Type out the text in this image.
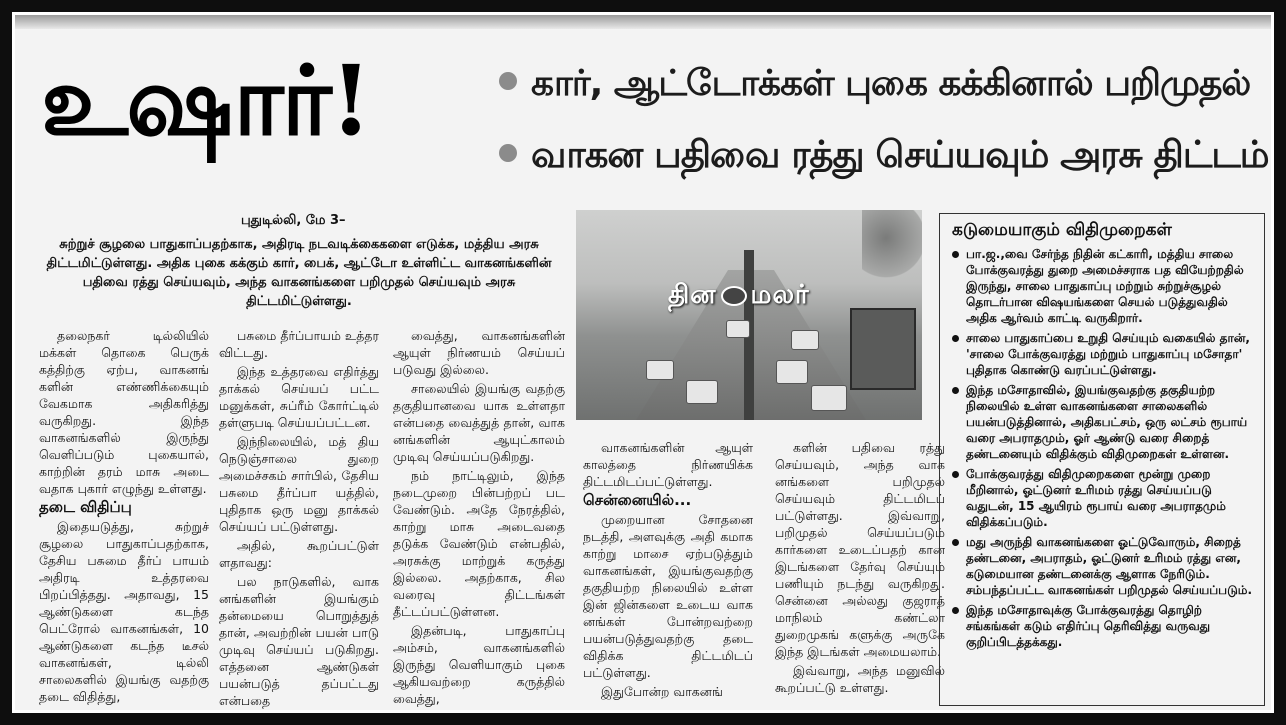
உஷார்!	கார், ஆட்டோக்கள் புகை கக்கினால் பறிமுதல்
வாகன பதிவை ரத்து செய்யவும் அரசு திட்டம்
புதுடில்லி, மே 3–
சுற்றுச் சூழலை பாதுகாப்பதற்காக, அதிரடி நடவடிக்கைகளை எடுக்க, மத்திய அரசு திட்டமிட்டுள்ளது. அதிக புகை கக்கும் கார், பைக், ஆட்டோ உள்ளிட்ட வாகனங்களின் பதிவை ரத்து செய்யவும், அந்த வாகனங்களை பறிமுதல் செய்யவும் அரசு திட்டமிட்டுள்ளது.

தலைநகர் டில்லியில் மக்கள் தொகை பெருக் கத்திற்கு ஏற்ப, வாகனங் களின் எண்ணிக்கையும் வேகமாக அதிகரித்து வருகிறது. இந்த வாகனங்களில் இருந்து வெளிப்படும் புகையால், காற்றின் தரம் மாசு அடை வதாக புகார் எழுந்து உள்ளது.

தடை விதிப்பு

இதையடுத்து, சுற்றுச் சூழலை பாதுகாப்பதற்காக, தேசிய பசுமை தீர்ப் பாயம் அதிரடி உத்தரவை பிறப்பித்தது. அதாவது, 15 ஆண்டுகளை கடந்த பெட்ரோல் வாகனங்கள், 10 ஆண்டுகளை கடந்த டீசல் வாகனங்கள், டில்லி சாலைகளில் இயங்கு வதற்கு தடை விதித்து,

பசுமை தீர்ப்பாயம் உத்தர விட்டது.

இந்த உத்தரவை எதிர்த்து தாக்கல் செய்யப் பட்ட மனுக்கள், சுப்ரீம் கோர்ட்டில் தள்ளுபடி செய்யப்பட்டன.

இந்நிலையில், மத் திய நெடுஞ்சாலை துறை அமைச்சகம் சார்பில், தேசிய பசுமை தீர்ப்பா யத்தில், புதிதாக ஒரு மனு தாக்கல் செய்யப் பட்டுள்ளது.

அதில், கூறப்பட்டுள் ளதாவது:

பல நாடுகளில், வாக னங்களின் இயங்கும் தன்மையை பொறுத்துத் தான், அவற்றின் பயன் பாடு முடிவு செய்யப் படுகிறது. எத்தனை ஆண்டுகள் பயன்படுத் தப்பட்டது என்பதை

வைத்து, வாகனங்களின் ஆயுள் நிர்ணயம் செய்யப் படுவது இல்லை.

சாலையில் இயங்கு வதற்கு தகுதியானவை யாக உள்ளதா என்பதை வைத்துத் தான், வாக னங்களின் ஆயுட்காலம் முடிவு செய்யப்படுகிறது.

நம் நாட்டிலும், இந்த நடைமுறை பின்பற்றப் பட வேண்டும். அதே நேரத்தில், காற்று மாசு அடைவதை தடுக்க வேண்டும் என்பதில், அரசுக்கு மாற்றுக் கருத்து இல்லை. அதற்காக, சில வரைவு திட்டங்கள் தீட்டப்பட்டுள்ளன.

இதன்படி, பாதுகாப்பு அம்சம், வாகனங்களில் இருந்து வெளியாகும் புகை ஆகியவற்றை கருத்தில் வைத்து,

தின மலர்

வாகனங்களின் ஆயுள் காலத்தை நிர்ணயிக்க திட்டமிடப்பட்டுள்ளது.

சென்னையில்...

முறையான சோதனை நடத்தி, அளவுக்கு அதி கமாக காற்று மாசை ஏற்படுத்தும் வாகனங்கள், இயங்குவதற்கு தகுதியற்ற நிலையில் உள்ள இன் ஜின்களை உடைய வாக னங்கள் போன்றவற்றை பயன்படுத்துவதற்கு தடை விதிக்க திட்டமிடப் பட்டுள்ளது.

இதுபோன்ற வாகனங்

களின் பதிவை ரத்து செய்யவும், அந்த வாக னங்களை பறிமுதல் செய்யவும் திட்டமிடப் பட்டுள்ளது. இவ்வாறு, பறிமுதல் செய்யப்படும் கார்களை உடைப்பதற் கான இடங்களை தேர்வு செய்யும் பணியும் நடந்து வருகிறது. சென்னை அல்லது குஜராத் மாநிலம் கண்ட்லா துறைமுகங் களுக்கு அருகே இந்த இடங்கள் அமையலாம்.

இவ்வாறு, அந்த மனுவில் கூறப்பட்டு உள்ளது.

கடுமையாகும் விதிமுறைகள்
பா.ஜ.,வை சேர்ந்த நிதின் கட்காரி, மத்திய சாலை போக்குவரத்து துறை அமைச்சராக பத வியேற்றதில் இருந்து, சாலை பாதுகாப்பு மற்றும் சுற்றுச்சூழல் தொடர்பான விஷயங்களை செயல் படுத்துவதில் அதிக ஆர்வம் காட்டி வருகிறார்.
சாலை பாதுகாப்பை உறுதி செய்யும் வகையில் தான், 'சாலை போக்குவரத்து மற்றும் பாதுகாப்பு மசோதா' புதிதாக கொண்டு வரப்பட்டுள்ளது.
இந்த மசோதாவில், இயங்குவதற்கு தகுதியற்ற நிலையில் உள்ள வாகனங்களை சாலைகளில் பயன்படுத்தினால், அதிகபட்சம், ஒரு லட்சம் ரூபாய் வரை அபராதமும், ஓர் ஆண்டு வரை சிறைத் தண்டனையும் விதிக்கும் விதிமுறைகள் உள்ளன.
போக்குவரத்து விதிமுறைகளை மூன்று முறை மீறினால், ஓட்டுனர் உரிமம் ரத்து செய்யப்படு வதுடன், 15 ஆயிரம் ரூபாய் வரை அபராதமும் விதிக்கப்படும்.
மது அருந்தி வாகனங்களை ஓட்டுவோரும், சிறைத் தண்டனை, அபராதம், ஓட்டுனர் உரிமம் ரத்து என, கடுமையான தண்டனைக்கு ஆளாக நேரிடும். சம்பந்தப்பட்ட வாகனங்கள் பறிமுதல் செய்யப்படும்.
இந்த மசோதாவுக்கு போக்குவரத்து தொழிற் சங்கங்கள் கடும் எதிர்ப்பு தெரிவித்து வருவது குறிப்பிடத்தக்கது.
